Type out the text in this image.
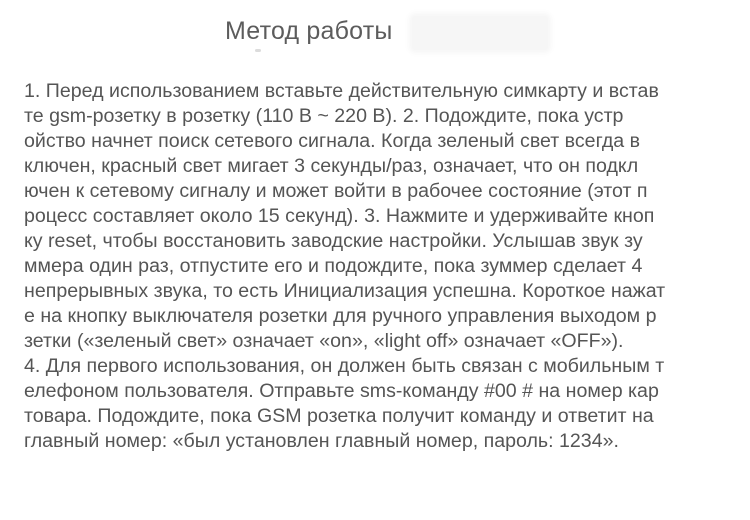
Метод работы

1. Перед использованием вставьте действительную симкарту и встав

те gsm-розетку в розетку (110 В ~ 220 В). 2. Подождите, пока устр

ойство начнет поиск сетевого сигнала. Когда зеленый свет всегда в

ключен, красный свет мигает 3 секунды/раз, означает, что он подкл

ючен к сетевому сигналу и может войти в рабочее состояние (этот п

роцесс составляет около 15 секунд). 3. Нажмите и удерживайте кноп

ку reset, чтобы восстановить заводские настройки. Услышав звук зу

ммера один раз, отпустите его и подождите, пока зуммер сделает 4

непрерывных звука, то есть Инициализация успешна. Короткое нажат

е на кнопку выключателя розетки для ручного управления выходом р

зетки («зеленый свет» означает «on», «light off» означает «OFF»).

4. Для первого использования, он должен быть связан с мобильным т

елефоном пользователя. Отправьте sms-команду #00 # на номер кар

товара. Подождите, пока GSM розетка получит команду и ответит на

главный номер: «был установлен главный номер, пароль: 1234».
